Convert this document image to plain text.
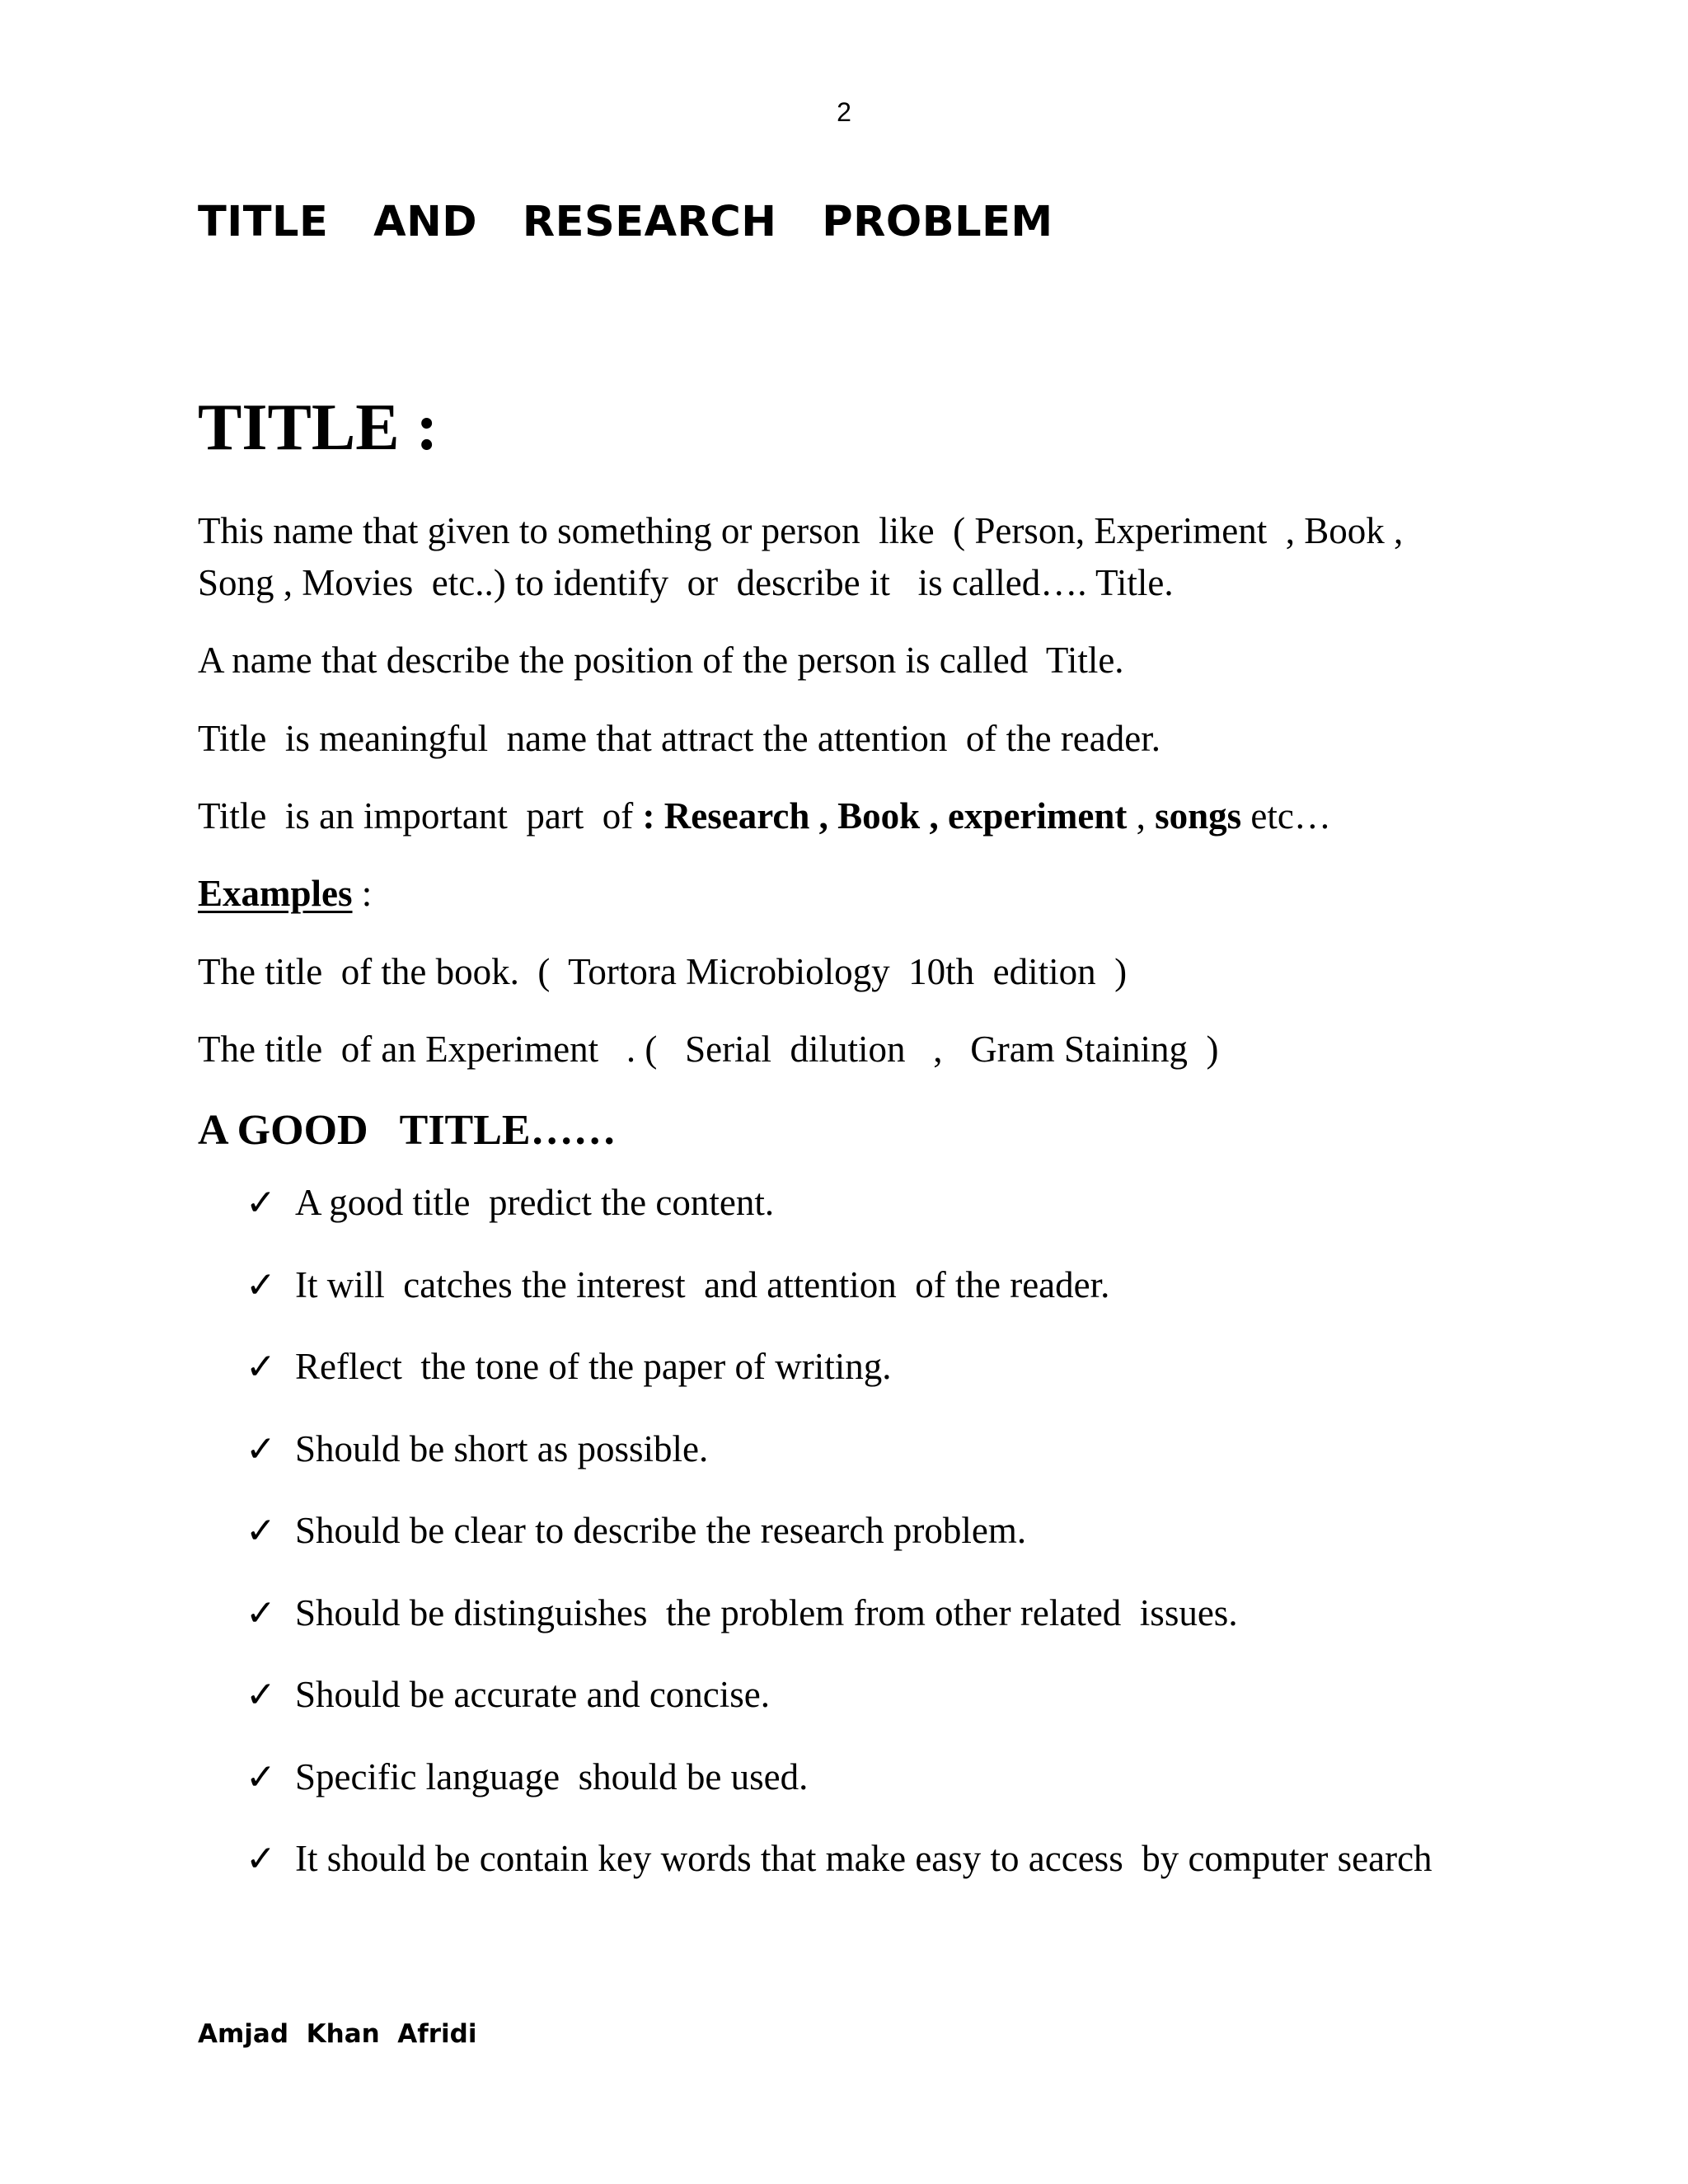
2
TITLE   AND   RESEARCH   PROBLEM
TITLE :

This name that given to something or person  like  ( Person, Experiment  , Book ,

Song , Movies  etc..) to identify  or  describe it   is called…. Title.

A name that describe the position of the person is called  Title.

Title  is meaningful  name that attract the attention  of the reader.

Title  is an important  part  of : Research , Book , experiment , songs etc…

Examples :

The title  of the book.  (  Tortora Microbiology  10th  edition  )

The title  of an Experiment   . (   Serial  dilution   ,   Gram Staining  )

A GOOD   TITLE……
✓ A good title  predict the content.
✓ It will  catches the interest  and attention  of the reader.
✓ Reflect  the tone of the paper of writing.
✓ Should be short as possible.
✓ Should be clear to describe the research problem.
✓ Should be distinguishes  the problem from other related  issues.
✓ Should be accurate and concise.
✓ Specific language  should be used.
✓ It should be contain key words that make easy to access  by computer search
Amjad  Khan  Afridi
